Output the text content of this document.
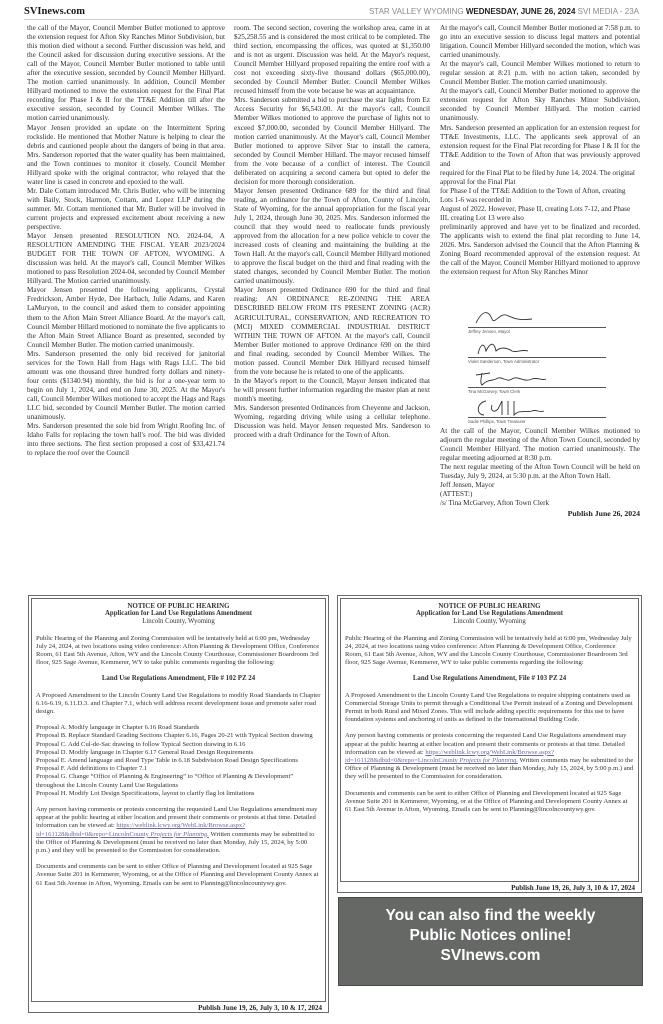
SVInews.com	STAR VALLEY WYOMING WEDNESDAY, JUNE 26, 2024 SVI MEDIA - 23A

the call of the Mayor, Council Member Butler motioned to approve the extension request for Afton Sky Ranches Minor Subdivision, but this motion died without a second. Further discussion was held, and the Council asked for discussion during executive sessions. At the call of the Mayor, Council Member Butler motioned to table until after the executive session, seconded by Council Member Hillyard. The motion carried unanimously. In addition, Council Member Hillyard motioned to move the extension request for the Final Plat recording for Phase I & II for the TT&E Addition till after the executive session, seconded by Council Member Wilkes. The motion carried unanimously.

Mayor Jensen provided an update on the Intermittent Spring rockslide. He mentioned that Mother Nature is helping to clear the debris and cautioned people about the dangers of being in that area. Mrs. Sanderson reported that the water quality has been maintained, and the Town continues to monitor it closely. Council Member Hillyard spoke with the original contractor, who relayed that the water line is cased in concrete and epoxied to the wall.

Mr. Dale Cottam introduced Mr. Chris Butler, who will be interning with Baily, Stock, Harmon, Cottam, and Lopez LLP during the summer. Mr. Cottam mentioned that Mr. Butler will be involved in current projects and expressed excitement about receiving a new perspective.

Mayor Jensen presented RESOLUTION NO. 2024-04, A RESOLUTION AMENDING THE FISCAL YEAR 2023/2024 BUDGET FOR THE TOWN OF AFTON, WYOMING. A discussion was held. At the mayor's call, Council Member Wilkes motioned to pass Resolution 2024-04, seconded by Council Member Hillyard. The Motion carried unanimously.

Mayor Jensen presented the following applicants, Crystal Fredrickson, Amber Hyde, Dee Harbach, Julie Adams, and Karen LaMuryon, to the council and asked them to consider appointing them to the Afton Main Street Alliance Board. At the mayor's call, Council Member Hillard motioned to nominate the five applicants to the Afton Main Street Alliance Board as presented, seconded by Council Member Butler. The motion carried unanimously.

Mrs. Sanderson presented the only bid received for janitorial services for the Town Hall from Hags with Rags LLC. The bid amount was one thousand three hundred forty dollars and ninety-four cents ($1340.94) monthly, the bid is for a one-year term to begin on July 1, 2024, and end on June 30, 2025. At the Mayor's call, Council Member Wilkes motioned to accept the Hags and Rags LLC bid, seconded by Council Member Butler. The motion carried unanimously.

Mrs. Sanderson presented the sole bid from Wright Roofing Inc. of Idaho Falls for replacing the town hall's roof. The bid was divided into three sections. The first section proposed a cost of $33,421.74 to replace the roof over the Council

room. The second section, covering the workshop area, came in at $25,258.55 and is considered the most critical to be completed. The third section, encompassing the offices, was quoted at $1,350.00 and is not as urgent. Discussion was held. At the Mayor's request, Council Member Hillyard proposed repairing the entire roof with a cost not exceeding sixty-five thousand dollars ($65,000.00), seconded by Council Member Butler. Council Member Wilkes recused himself from the vote because he was an acquaintance.

Mrs. Sanderson submitted a bid to purchase the star lights from Ez Access Security for $6,543.00. At the mayor's call, Council Member Wilkes motioned to approve the purchase of lights not to exceed $7,000.00, seconded by Council Member Hillyard. The motion carried unanimously. At the Mayor's call, Council Member Butler motioned to approve Silver Star to install the camera, seconded by Council Member Hillard. The mayor recused himself from the vote because of a conflict of interest. The Council deliberated on acquiring a second camera but opted to defer the decision for more thorough consideration.

Mayor Jensen presented Ordinance 689 for the third and final reading, an ordinance for the Town of Afton, County of Lincoln, State of Wyoming, for the annual appropriation for the fiscal year July 1, 2024, through June 30, 2025. Mrs. Sanderson informed the council that they would need to reallocate funds previously approved from the allocation for a new police vehicle to cover the increased costs of cleaning and maintaining the building at the Town Hall. At the mayor's call, Council Member Hillyard motioned to approve the fiscal budget on the third and final reading with the stated changes, seconded by Council Member Butler. The motion carried unanimously.

Mayor Jensen presented Ordinance 690 for the third and final reading: AN ORDINANCE RE-ZONING THE AREA DESCRIBED BELOW FROM ITS PRESENT ZONING (ACR) AGRICULTURAL, CONSERVATION, AND RECREATION TO (MCI) MIXED COMMERCIAL INDUSTRIAL DISTRICT WITHIN THE TOWN OF AFTON. At the mayor's call, Council Member Butler motioned to approve Ordinance 690 on the third and final reading, seconded by Council Member Wilkes. The motion passed. Council Member Dirk Hillyard recused himself from the vote because he is related to one of the applicants.

In the Mayor's report to the Council, Mayor Jensen indicated that he will present further information regarding the master plan at next month's meeting.

Mrs. Sanderson presented Ordinances from Cheyenne and Jackson, Wyoming, regarding driving while using a cellular telephone. Discussion was held. Mayor Jensen requested Mrs. Sanderson to proceed with a draft Ordinance for the Town of Afton.

At the mayor's call, Council Member Butler motioned at 7:58 p.m. to go into an executive session to discuss legal matters and potential litigation. Council Member Hillyard seconded the motion, which was carried unanimously.

At the mayor's call, Council Member Wilkes motioned to return to regular session at 8:21 p.m. with no action taken, seconded by Council Member Butler. The motion carried unanimously.

At the mayor's call, Council Member Butler motioned to approve the extension request for Afton Sky Ranches Minor Subdivision, seconded by Council Member Hillyard. The motion carried unanimously.

Mrs. Sanderson presented an application for an extension request for TT&E Investments, LLC. The applicants seek approval of an extension request for the Final Plat recording for Phase I & II for the TT&E Addition to the Town of Afton that was previously approved and

required for the Final Plat to be filed by June 14, 2024. The original approval for the Final Plat

for Phase I of the TT&E Addition to the Town of Afton, creating Lots 1-6 was recorded in

August of 2022. However, Phase II, creating Lots 7-12, and Phase III, creating Lot 13 were also

preliminarily approved and have yet to be finalized and recorded. The applicants wish to extend the final plat recording to June 14, 2026. Mrs. Sanderson advised the Council that the Afton Planning & Zoning Board recommended approval of the extension request. At the call of the Mayor, Council Member Hillyard motioned to approve the extension request for Afton Sky Ranches Minor

Jeffrey Jensen, Mayor
Violet Sanderson, Town Administrator
Tina McGarvey, Town Clerk
Sadie Phillips, Town Treasurer

At the call of the Mayor, Council Member Wilkes motioned to adjourn the regular meeting of the Afton Town Council, seconded by Council Member Hillyard. The motion carried unanimously. The regular meeting adjourned at 8:30 p.m.

The next regular meeting of the Afton Town Council will be held on Tuesday, July 9, 2024, at 5:30 p.m. at the Afton Town Hall.

Jeff Jensen, Mayor

(ATTEST:)

/s/ Tina McGarvey, Afton Town Clerk

Publish June 26, 2024
NOTICE OF PUBLIC HEARING
Application for Land Use Regulations Amendment
Lincoln County, Wyoming
Public Hearing of the Planning and Zoning Commission will be tentatively held at 6:00 pm, Wednesday July 24, 2024, at two locations using video conference: Afton Planning & Development Office, Conference Room, 61 East 5th Avenue, Afton, WY and the Lincoln County Courthouse, Commissioner Boardroom 3rd floor, 925 Sage Avenue, Kemmerer, WY to take public comments regarding the following:
Land Use Regulations Amendment, File # 102 PZ 24
A Proposed Amendment to the Lincoln County Land Use Regulations to modify Road Standards in Chapter 6.16-6.19, 6.11.D.3. and Chapter 7.1, which will address recent development issue and promote safer road design.
Proposal A. Modify language in Chapter 6.16 Road Standards
Proposal B. Replace Standard Grading Sections Chapter 6.16, Pages 20-21 with Typical Section drawing
Proposal C. Add Cul-de-Sac drawing to follow Typical Section drawing in 6.16
Proposal D. Modify language in Chapter 6.17 General Road Design Requirements
Proposal E. Amend language and Road Type Table in 6.18 Subdivision Road Design Specifications
Proposal F. Add definitions to Chapter 7.1
Proposal G. Change “Office of Planning & Engineering” to “Office of Planning & Development” throughout the Lincoln County Land Use Regulations
Proposal H. Modify Lot Design Specifications, layout to clarify flag lot limitations
Any person having comments or protests concerning the requested Land Use Regulations amendment may appear at the public hearing at either location and present their comments or protests at that time. Detailed information can be viewed at: https://weblink.lcwy.org/WebLink/Browse.aspx?id=161128&dbid=0&repo=LincolnCounty Projects for Planning. Written comments may be submitted to the Office of Planning & Development (must be received no later than Monday, July 15, 2024, by 5:00 p.m.) and they will be presented to the Commission for consideration.
Documents and comments can be sent to either Office of Planning and Development located at 925 Sage Avenue Suite 201 in Kemmerer, Wyoming, or at the Office of Planning and Development County Annex at 61 East 5th Avenue in Afton, Wyoming. Emails can be sent to Planning@lincolncountywy.gov.
Publish June 19, 26, July 3, 10 & 17, 2024
NOTICE OF PUBLIC HEARING
Application for Land Use Regulations Amendment
Lincoln County, Wyoming
Public Hearing of the Planning and Zoning Commission will be tentatively held at 6:00 pm, Wednesday July 24, 2024, at two locations using video conference: Afton Planning & Development Office, Conference Room, 61 East 5th Avenue, Afton, WY and the Lincoln County Courthouse, Commissioner Boardroom 3rd floor, 925 Sage Avenue, Kemmerer, WY to take public comments regarding the following:
Land Use Regulations Amendment, File # 103 PZ 24
A Proposed Amendment to the Lincoln County Land Use Regulations to require shipping containers used as Commercial Storage Units to permit through a Conditional Use Permit instead of a Zoning and Development Permit in both Rural and Mixed Zones. This will include adding specific requirements for this use to have foundation systems and anchoring of units as defined in the International Building Code.
Any person having comments or protests concerning the requested Land Use Regulations amendment may appear at the public hearing at either location and present their comments or protests at that time. Detailed information can be viewed at: https://weblink.lcwy.org/WebLink/Browse.aspx?id=161128&dbid=0&repo=LincolnCounty Projects for Planning. Written comments may be submitted to the Office of Planning & Development (must be received no later than Monday, July 15, 2024, by 5:00 p.m.) and they will be presented to the Commission for consideration.
Documents and comments can be sent to either Office of Planning and Development located at 925 Sage Avenue Suite 201 in Kemmerer, Wyoming, or at the Office of Planning and Development County Annex at 61 East 5th Avenue in Afton, Wyoming. Emails can be sent to Planning@lincolncountywy.gov.
Publish June 19, 26, July 3, 10 & 17, 2024
You can also find the weekly
Public Notices online!
SVInews.com
